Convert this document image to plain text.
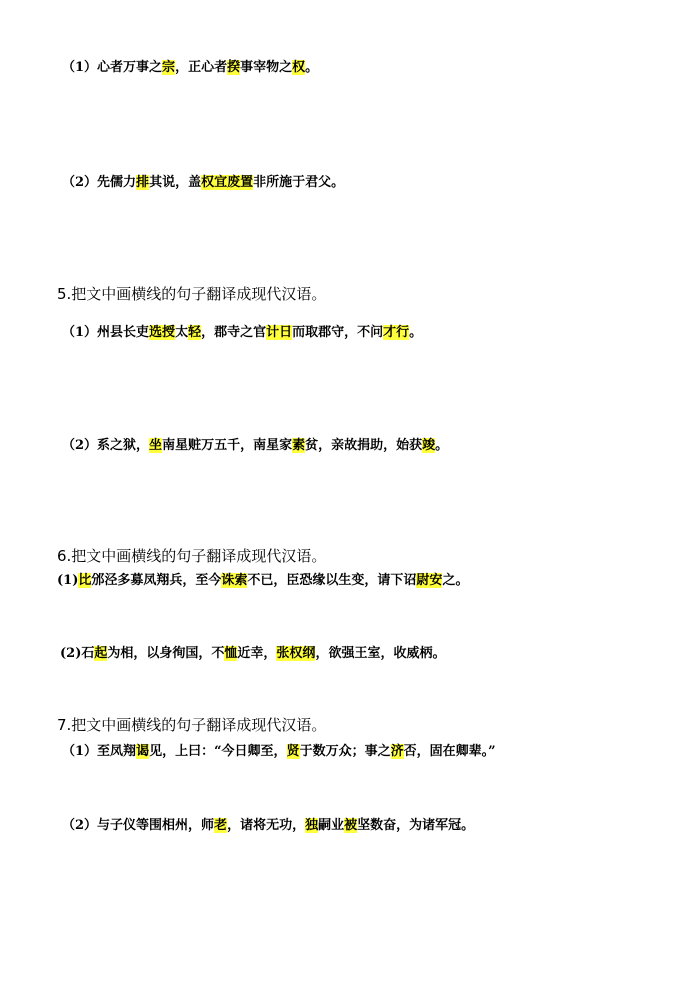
（1）心者万事之宗，正心者揆事宰物之权。
（2）先儒力排其说，盖权宜废置非所施于君父。
5.把文中画横线的句子翻译成现代汉语。
（1）州县长吏选授太轻，郡寺之官计日而取郡守，不问才行。
（2）系之狱，坐南星赃万五千，南星家素贫，亲故捐助，始获竣。
6.把文中画横线的句子翻译成现代汉语。
(1)比邠泾多募凤翔兵，至今诛索不已，臣恐缘以生变，请下诏尉安之。
(2)石起为相，以身徇国，不恤近幸，张权纲，欲强王室，收威柄。
7.把文中画横线的句子翻译成现代汉语。
（1）至凤翔谒见，上曰：“今日卿至，贤于数万众；事之济否，固在卿辈。”
（2）与子仪等围相州，师老，诸将无功，独嗣业被坚数奋，为诸军冠。
